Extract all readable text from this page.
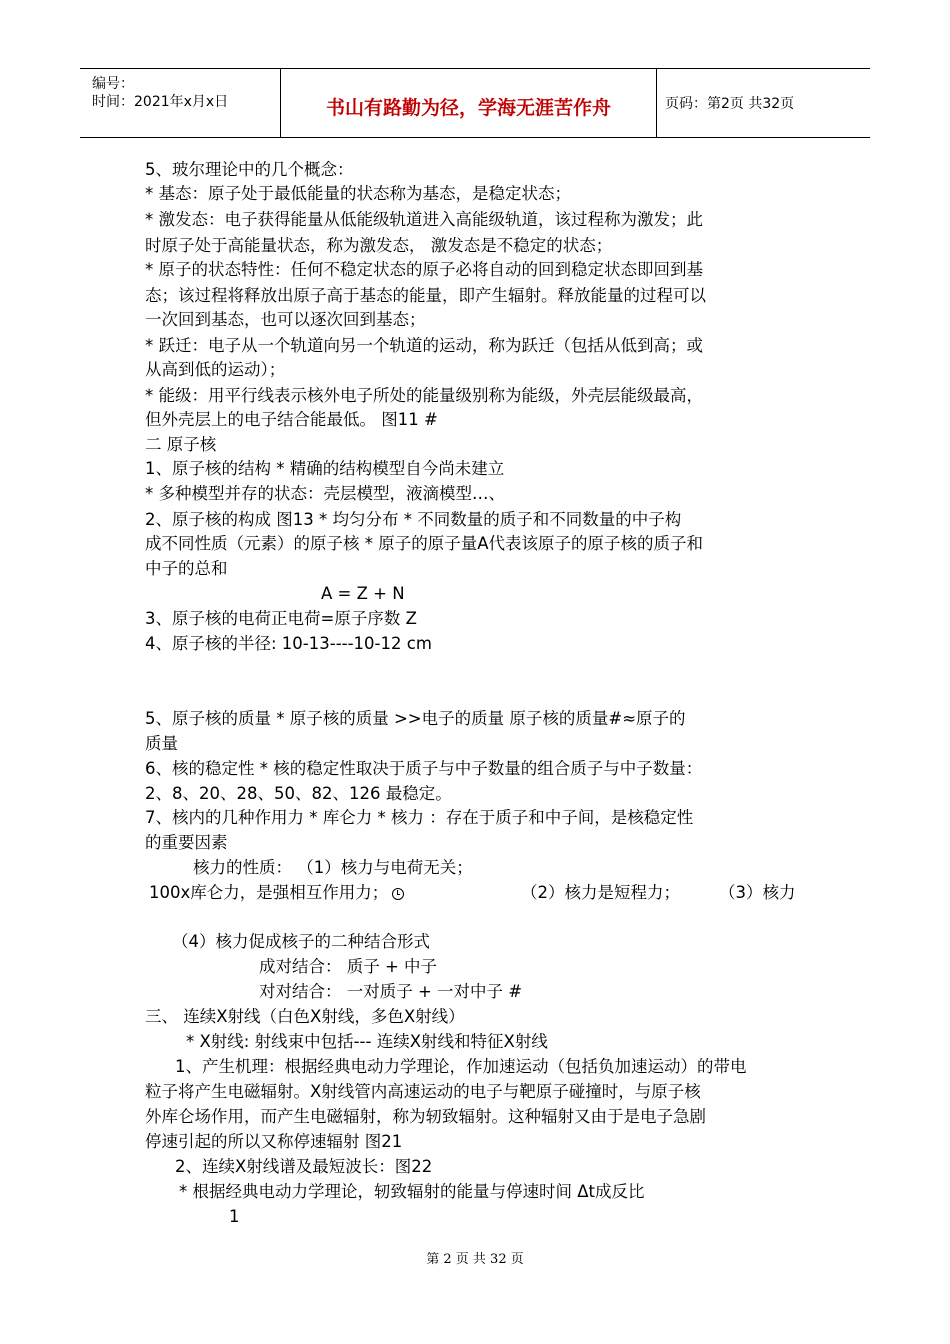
编号：
时间：2021年x月x日	书山有路勤为径，学海无涯苦作舟	页码：第2页 共32页
5、玻尔理论中的几个概念：
* 基态：原子处于最低能量的状态称为基态，是稳定状态；
* 激发态：电子获得能量从低能级轨道进入高能级轨道，该过程称为激发；此
时原子处于高能量状态，称为激发态， 激发态是不稳定的状态；
* 原子的状态特性：任何不稳定状态的原子必将自动的回到稳定状态即回到基
态；该过程将释放出原子高于基态的能量，即产生辐射。释放能量的过程可以
一次回到基态，也可以逐次回到基态；
* 跃迁：电子从一个轨道向另一个轨道的运动，称为跃迁（包括从低到高；或
从高到低的运动）；
* 能级：用平行线表示核外电子所处的能量级别称为能级，外壳层能级最高，
但外壳层上的电子结合能最低。 图11 #
二 原子核
1、原子核的结构 * 精确的结构模型自今尚未建立
* 多种模型并存的状态：壳层模型，液滴模型…、
2、原子核的构成 图13 * 均匀分布 * 不同数量的质子和不同数量的中子构
成不同性质（元素）的原子核 * 原子的原子量A代表该原子的原子核的质子和
中子的总和
A = Z + N
3、原子核的电荷正电荷=原子序数 Z
4、原子核的半径: 10-13----10-12 cm
5、原子核的质量 * 原子核的质量 >>电子的质量 原子核的质量#≈原子的
质量
6、核的稳定性 * 核的稳定性取决于质子与中子数量的组合质子与中子数量：
2、8、20、28、50、82、126 最稳定。
7、核内的几种作用力 * 库仑力 * 核力 ：存在于质子和中子间，是核稳定性
的重要因素
核力的性质： （1）核力与电荷无关；
100x库仑力，是强相互作用力；	（2）核力是短程力； （3）核力
（4）核力促成核子的二种结合形式
成对结合： 质子 + 中子
对对结合： 一对质子 + 一对中子 #
三、 连续X射线（白色X射线，多色X射线）
* X射线: 射线束中包括--- 连续X射线和特征X射线
1、产生机理：根据经典电动力学理论，作加速运动（包括负加速运动）的带电
粒子将产生电磁辐射。X射线管内高速运动的电子与靶原子碰撞时，与原子核
外库仑场作用，而产生电磁辐射，称为轫致辐射。这种辐射又由于是电子急剧
停速引起的所以又称停速辐射 图21
2、连续X射线谱及最短波长：图22
* 根据经典电动力学理论，轫致辐射的能量与停速时间 Δt成反比
1
第 2 页 共 32 页
